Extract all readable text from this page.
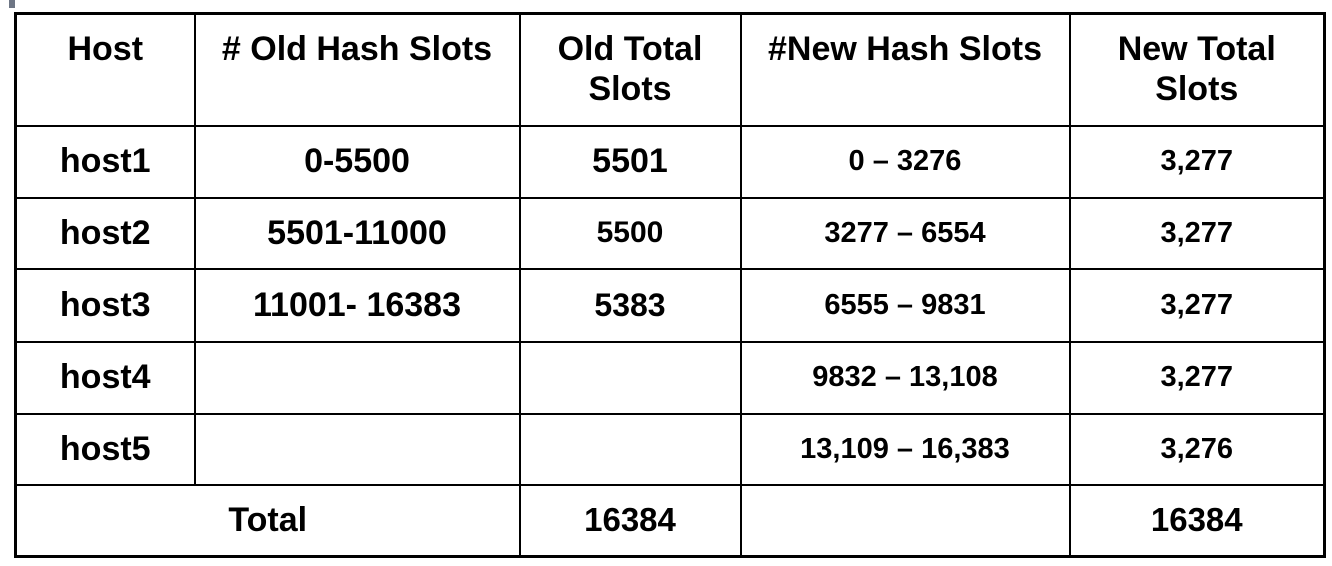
Host	# Old Hash Slots	Old Total Slots	#New Hash Slots	New Total Slots
host1	0-5500	5501	0 – 3276	3,277
host2	5501-11000	5500	3277 – 6554	3,277
host3	11001- 16383	5383	6555 – 9831	3,277
host4			9832 – 13,108	3,277
host5			13,109 – 16,383	3,276
Total		16384		16384
